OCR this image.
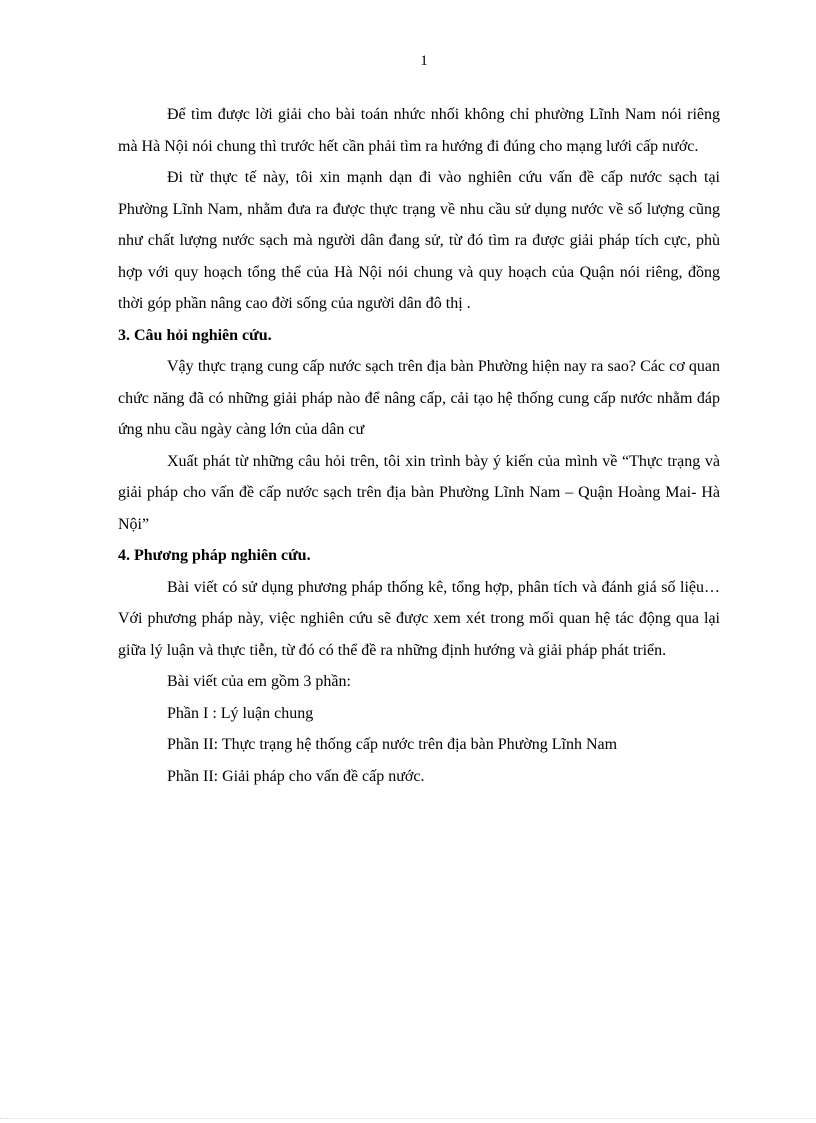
1

Để tìm được lời giải cho bài toán nhức nhối không chỉ phường Lĩnh Nam nói riêng mà Hà Nội nói chung thì trước hết cần phải tìm ra hướng đi đúng cho mạng lưới cấp nước.

Đi từ thực tế này, tôi xin mạnh dạn đi vào nghiên cứu vấn đề cấp nước sạch tại Phường Lĩnh Nam, nhằm đưa ra được thực trạng về nhu cầu sử dụng nước về số lượng cũng như chất lượng nước sạch mà người dân đang sử, từ đó tìm ra được giải pháp tích cực, phù hợp với quy hoạch tổng thể của Hà Nội nói chung và quy hoạch của Quận nói riêng, đồng thời góp phần nâng cao đời sống của người dân đô thị .

3. Câu hỏi nghiên cứu.

Vậy thực trạng cung cấp nước sạch trên địa bàn Phường hiện nay ra sao? Các cơ quan chức năng đã có những giải pháp nào để nâng cấp, cải tạo hệ thống cung cấp nước nhằm đáp ứng nhu cầu ngày càng lớn của dân cư

Xuất phát từ những câu hỏi trên, tôi xin trình bày ý kiến của mình về “Thực trạng và giải pháp cho vấn đề cấp nước sạch trên địa bàn Phường Lĩnh Nam – Quận Hoàng Mai- Hà Nội”

4. Phương pháp nghiên cứu.

Bài viết có sử dụng phương pháp thống kê, tổng hợp, phân tích và đánh giá số liệu… Với phương pháp này, việc nghiên cứu sẽ được xem xét trong mối quan hệ tác động qua lại giữa lý luận và thực tiễn, từ đó có thể đề ra những định hướng và giải pháp phát triển.

Bài viết của em gồm 3 phần:

Phần I : Lý luận chung

Phần II: Thực trạng hệ thống cấp nước trên địa bàn Phường Lĩnh Nam

Phần II: Giải pháp cho vấn đề cấp nước.
